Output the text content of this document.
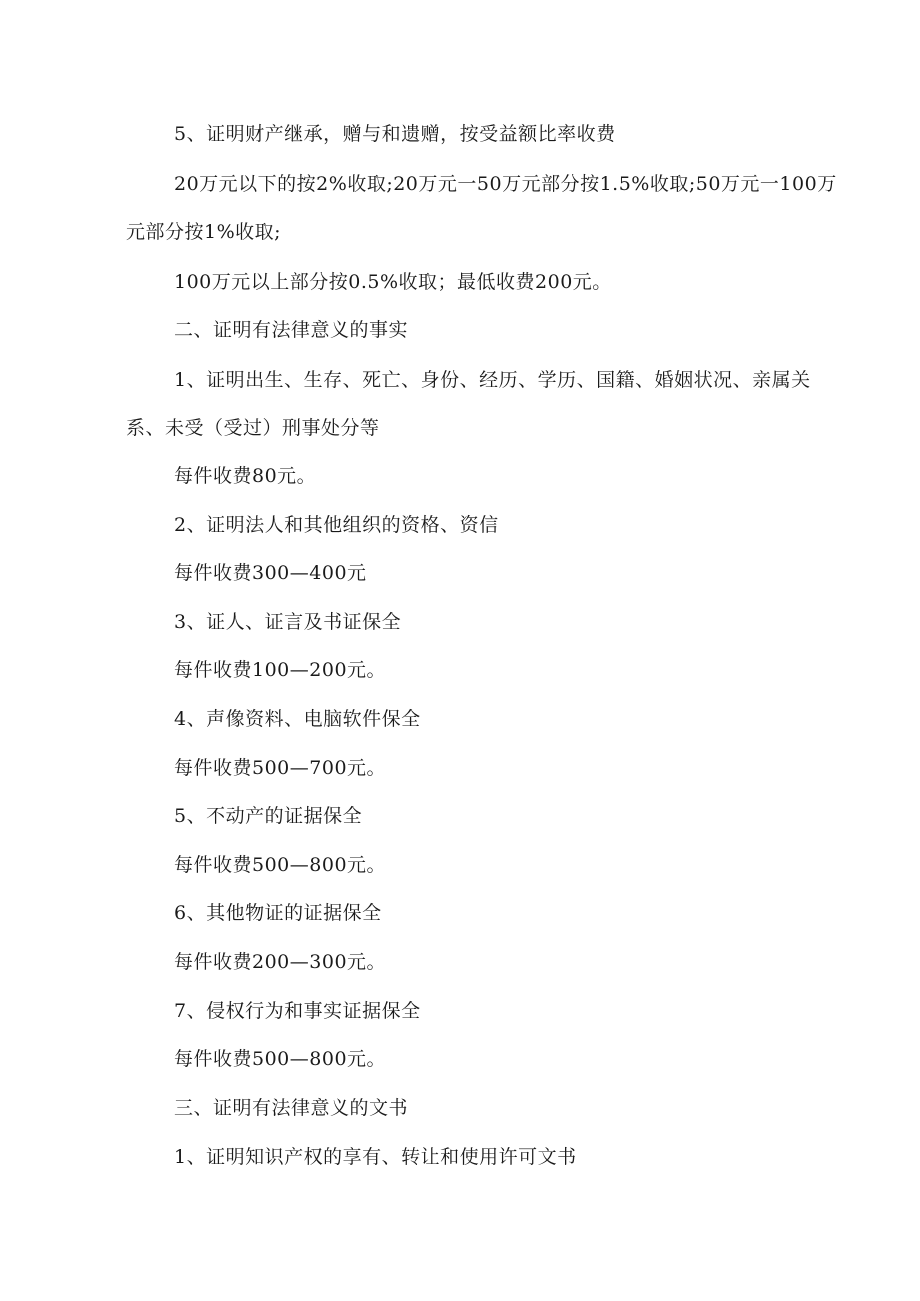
5、证明财产继承，赠与和遗赠，按受益额比率收费
20万元以下的按2%收取;20万元一50万元部分按1.5%收取;50万元一100万
元部分按1%收取;
100万元以上部分按0.5%收取；最低收费200元。
二、证明有法律意义的事实
1、证明出生、生存、死亡、身份、经历、学历、国籍、婚姻状况、亲属关
系、未受（受过）刑事处分等
每件收费80元。
2、证明法人和其他组织的资格、资信
每件收费300—400元
3、证人、证言及书证保全
每件收费100—200元。
4、声像资料、电脑软件保全
每件收费500—700元。
5、不动产的证据保全
每件收费500—800元。
6、其他物证的证据保全
每件收费200—300元。
7、侵权行为和事实证据保全
每件收费500—800元。
三、证明有法律意义的文书
1、证明知识产权的享有、转让和使用许可文书
